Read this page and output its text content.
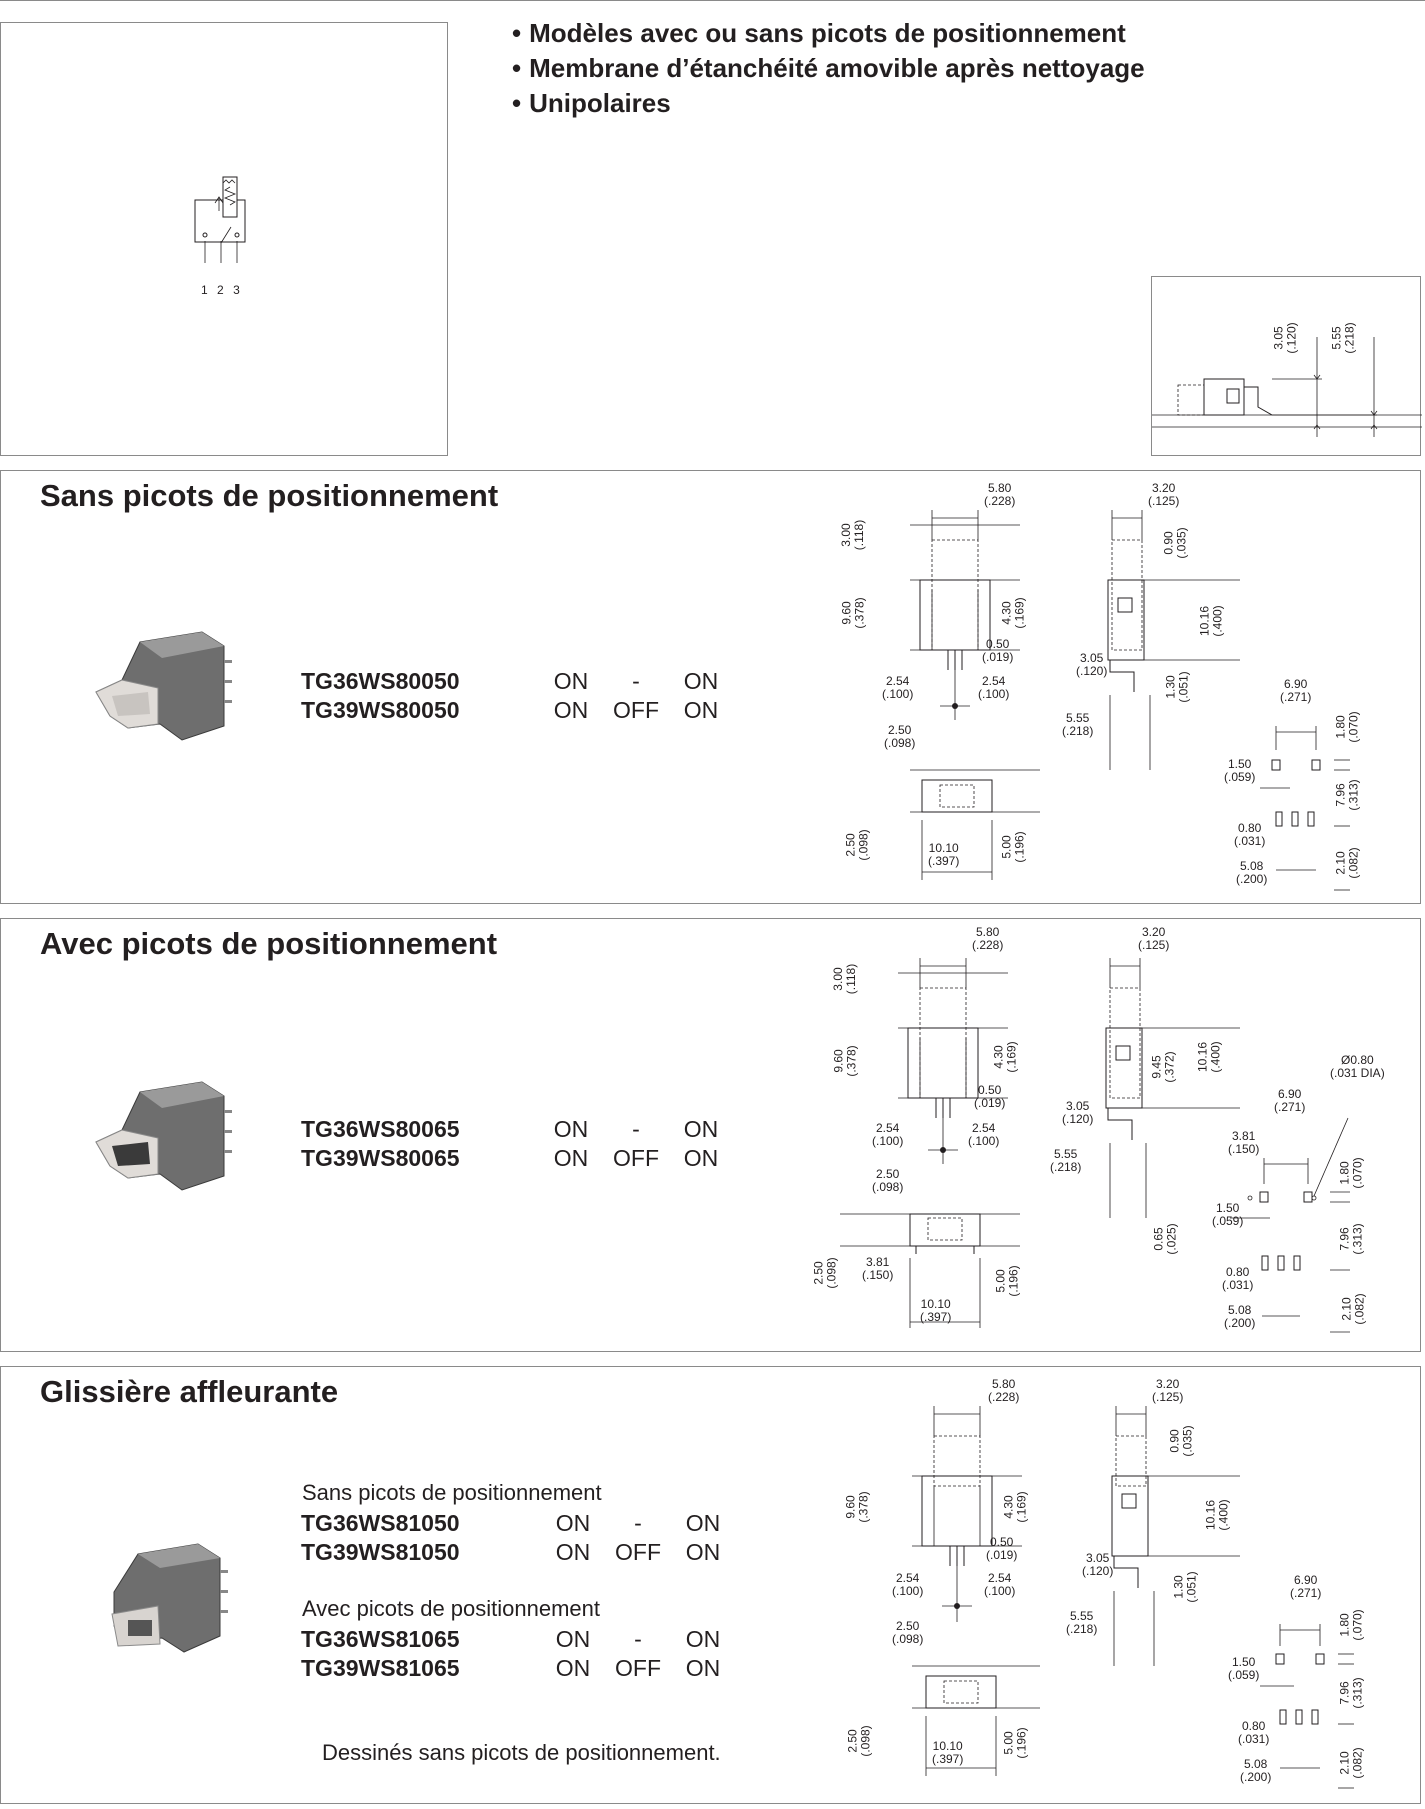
1 2 3
• Modèles avec ou sans picots de positionnement
• Membrane d’étanchéité amovible après nettoyage
• Unipolaires
3.05 (.120)	5.55 (.218)
Sans picots de positionnement
TG36WS80050	ON	-	ON
TG39WS80050	ON	OFF	ON
5.80
(.228)
3.20
(.125)
3.00 (.118)	0.90 (.035)
9.60 (.378)	4.30 (.169)	10.16 (.400)
0.50
(.019)	3.05
(.120)
2.54
(.100)
2.54
(.100)	1.30 (.051)	6.90
(.271)
5.55
(.218)	1.80 (.070)
2.50
(.098)
1.50
(.059)
7.96 (.313)
2.50 (.098)
0.80
(.031)
10.10
(.397)
5.00 (.196)
2.10 (.082)
5.08
(.200)
Avec picots de positionnement
TG36WS80065	ON	-	ON
TG39WS80065	ON	OFF	ON
5.80
(.228)
3.20
(.125)
3.00 (.118)
9.45 (.372)
9.60 (.378)	4.30 (.169)	10.16 (.400)	Ø0.80
(.031 DIA)
0.50
(.019)
6.90
(.271)
3.05
(.120)
2.54
(.100)
2.54
(.100)	3.81
(.150)
5.55
(.218)	1.80 (.070)
2.50
(.098)
0.65 (.025)
1.50
(.059)
7.96 (.313)
2.50 (.098)	3.81
(.150)	0.80
(.031)
5.00 (.196)
2.10 (.082)
10.10
(.397)	5.08
(.200)
Glissière affleurante
Sans picots de positionnement
TG36WS81050	ON	-	ON
TG39WS81050	ON	OFF	ON
Avec picots de positionnement
TG36WS81065	ON	-	ON
TG39WS81065	ON	OFF	ON
Dessinés sans picots de positionnement.
5.80
(.228)
3.20
(.125)
0.90 (.035)
9.60 (.378)	4.30 (.169)	10.16 (.400)
0.50
(.019)	3.05
(.120)
1.30 (.051)
2.54
(.100)
2.54
(.100)
6.90
(.271)
5.55
(.218)	1.80 (.070)
2.50
(.098)
1.50
(.059)
7.96 (.313)
2.50 (.098)	5.00 (.196)
0.80
(.031)
10.10
(.397)	2.10 (.082)
5.08
(.200)
